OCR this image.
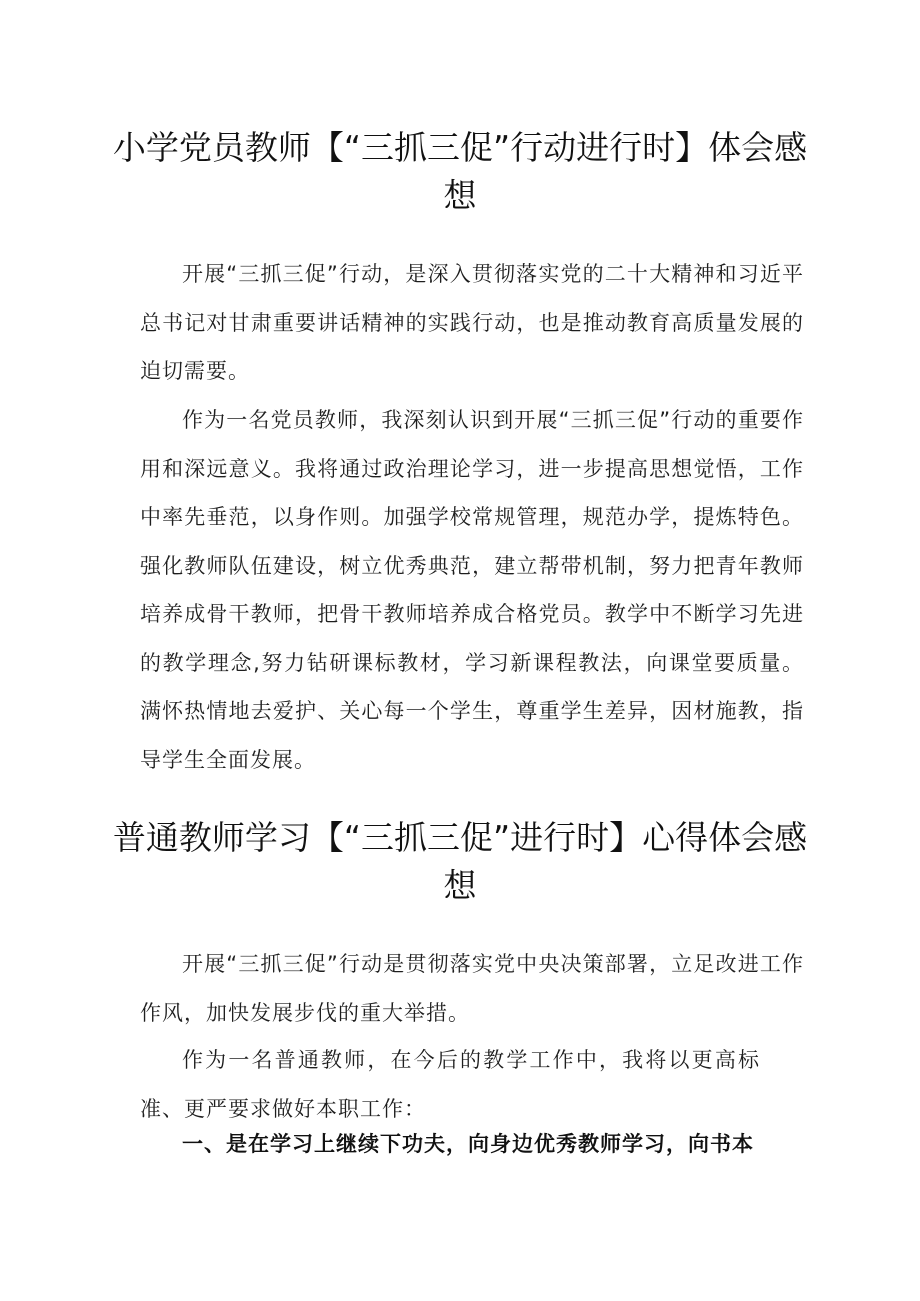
小学党员教师【“三抓三促”行动进行时】体会感想

开展“三抓三促”行动，是深入贯彻落实党的二十大精神和习近平总书记对甘肃重要讲话精神的实践行动，也是推动教育高质量发展的迫切需要。

作为一名党员教师，我深刻认识到开展“三抓三促”行动的重要作用和深远意义。我将通过政治理论学习，进一步提高思想觉悟，工作中率先垂范，以身作则。加强学校常规管理，规范办学，提炼特色。强化教师队伍建设，树立优秀典范，建立帮带机制，努力把青年教师培养成骨干教师，把骨干教师培养成合格党员。教学中不断学习先进的教学理念,努力钻研课标教材，学习新课程教法，向课堂要质量。满怀热情地去爱护、关心每一个学生，尊重学生差异，因材施教，指导学生全面发展。

普通教师学习【“三抓三促”进行时】心得体会感想

开展“三抓三促”行动是贯彻落实党中央决策部署，立足改进工作作风，加快发展步伐的重大举措。

作为一名普通教师，在今后的教学工作中，我将以更高标准、更严要求做好本职工作：

一、是在学习上继续下功夫，向身边优秀教师学习，向书本
